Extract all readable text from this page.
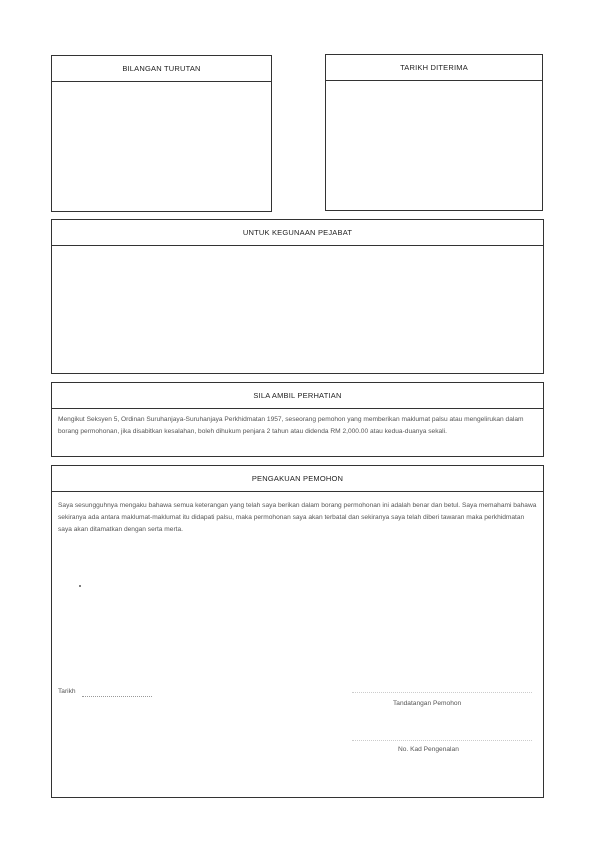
BILANGAN TURUTAN	TARIKH DITERIMA
UNTUK KEGUNAAN PEJABAT
SILA AMBIL PERHATIAN
Mengikut Seksyen 5, Ordinan Suruhanjaya-Suruhanjaya Perkhidmatan 1957, seseorang pemohon yang memberikan maklumat palsu atau mengelirukan dalam borang permohonan, jika disabitkan kesalahan, boleh dihukum penjara 2 tahun atau didenda RM 2,000.00 atau kedua-duanya sekali.
PENGAKUAN PEMOHON
Saya sesungguhnya mengaku bahawa semua keterangan yang telah saya berikan dalam borang permohonan ini adalah benar dan betul. Saya memahami bahawa sekiranya ada antara maklumat-maklumat itu didapati palsu, maka permohonan saya akan terbatal dan sekiranya saya telah diberi tawaran maka perkhidmatan saya akan ditamatkan dengan serta merta.
Tarikh
Tandatangan Pemohon
No. Kad Pengenalan
